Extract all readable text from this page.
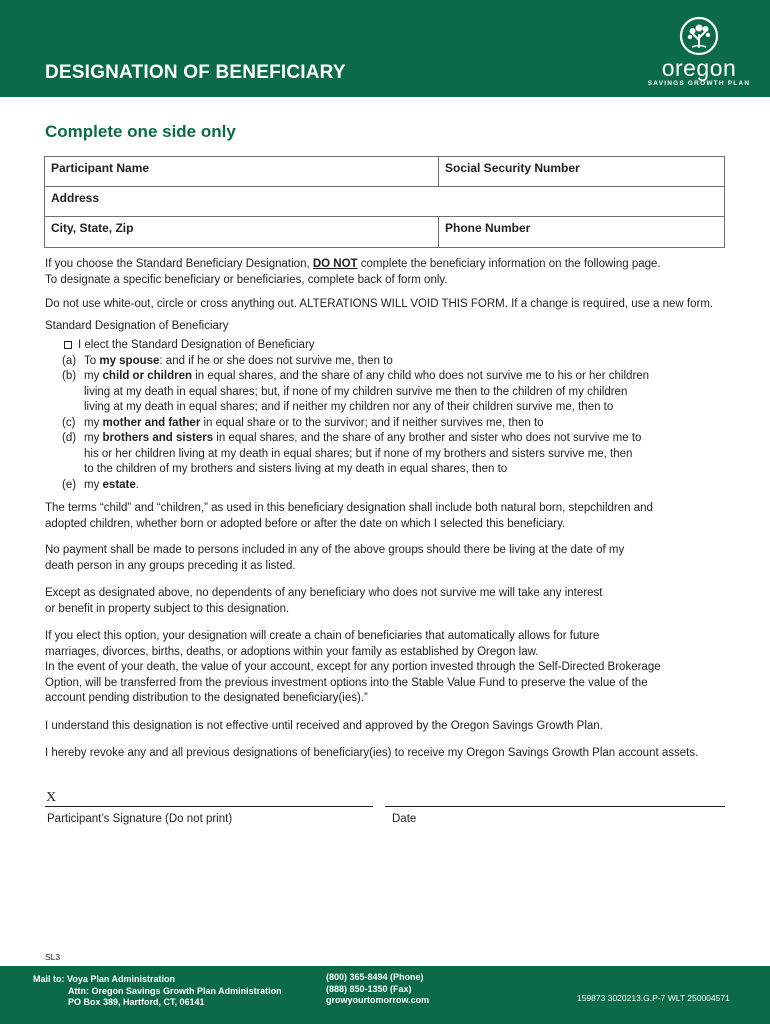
DESIGNATION OF BENEFICIARY	oregon
SAVINGS GROWTH PLAN
Complete one side only
Participant Name	Social Security Number
Address
City, State, Zip	Phone Number
If you choose the Standard Beneficiary Designation, DO NOT complete the beneficiary information on the following page.
To designate a specific beneficiary or beneficiaries, complete back of form only.
Do not use white-out, circle or cross anything out. ALTERATIONS WILL VOID THIS FORM. If a change is required, use a new form.
Standard Designation of Beneficiary
I elect the Standard Designation of Beneficiary
(a) To my spouse: and if he or she does not survive me, then to
(b) my child or children in equal shares, and the share of any child who does not survive me to his or her children
living at my death in equal shares; but, if none of my children survive me then to the children of my children
living at my death in equal shares; and if neither my children nor any of their children survive me, then to
(c) my mother and father in equal share or to the survivor; and if neither survives me, then to
(d) my brothers and sisters in equal shares, and the share of any brother and sister who does not survive me to
his or her children living at my death in equal shares; but if none of my brothers and sisters survive me, then
to the children of my brothers and sisters living at my death in equal shares, then to
(e) my estate.
The terms “child” and “children,” as used in this beneficiary designation shall include both natural born, stepchildren and
adopted children, whether born or adopted before or after the date on which I selected this beneficiary.
No payment shall be made to persons included in any of the above groups should there be living at the date of my
death person in any groups preceding it as listed.
Except as designated above, no dependents of any beneficiary who does not survive me will take any interest
or benefit in property subject to this designation.
If you elect this option, your designation will create a chain of beneficiaries that automatically allows for future
marriages, divorces, births, deaths, or adoptions within your family as established by Oregon law.
In the event of your death, the value of your account, except for any portion invested through the Self-Directed Brokerage
Option, will be transferred from the previous investment options into the Stable Value Fund to preserve the value of the
account pending distribution to the designated beneficiary(ies).”
I understand this designation is not effective until received and approved by the Oregon Savings Growth Plan.
I hereby revoke any and all previous designations of beneficiary(ies) to receive my Oregon Savings Growth Plan account assets.
X
Participant’s Signature (Do not print)	Date
SL3
Mail to: Voya Plan Administration
Attn: Oregon Savings Growth Plan Administration
PO Box 389, Hartford, CT, 06141
(800) 365-8494 (Phone)
(888) 850-1350 (Fax)
growyourtomorrow.com	159873 3020213.G.P-7 WLT 250004571
